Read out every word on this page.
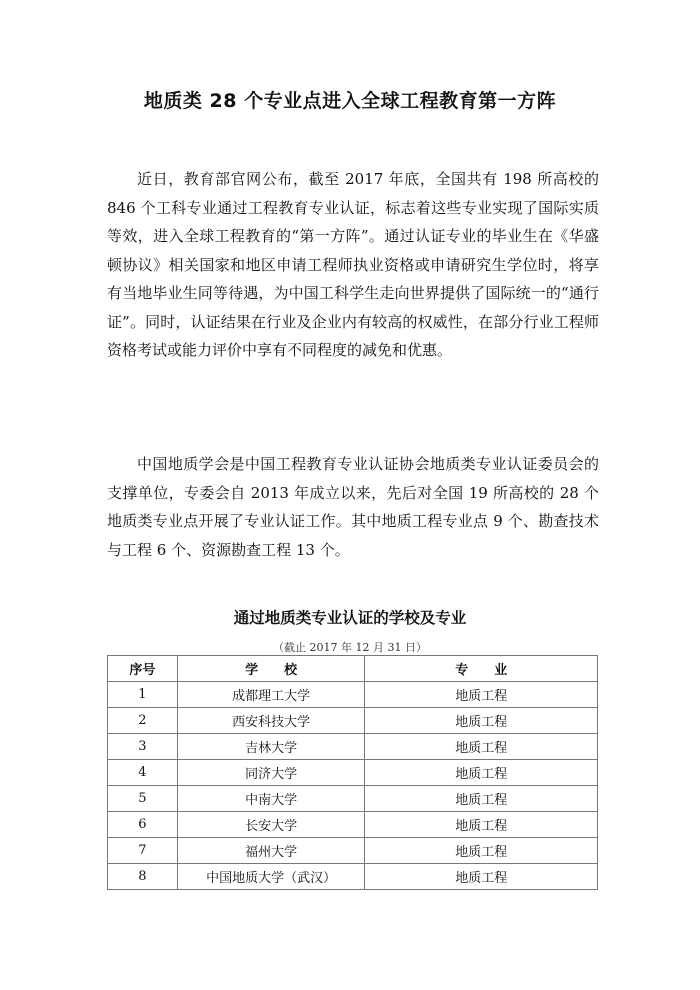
地质类 28 个专业点进入全球工程教育第一方阵

近日，教育部官网公布，截至 2017 年底，全国共有 198 所高校的 846 个工科专业通过工程教育专业认证，标志着这些专业实现了国际实质等效，进入全球工程教育的“第一方阵”。通过认证专业的毕业生在《华盛顿协议》相关国家和地区申请工程师执业资格或申请研究生学位时，将享有当地毕业生同等待遇，为中国工科学生走向世界提供了国际统一的“通行证”。同时，认证结果在行业及企业内有较高的权威性，在部分行业工程师资格考试或能力评价中享有不同程度的减免和优惠。

中国地质学会是中国工程教育专业认证协会地质类专业认证委员会的支撑单位，专委会自 2013 年成立以来，先后对全国 19 所高校的 28 个地质类专业点开展了专业认证工作。其中地质工程专业点 9 个、勘查技术与工程 6 个、资源勘查工程 13 个。

通过地质类专业认证的学校及专业
（截止 2017 年 12 月 31 日）
序号	学　　校	专　　业
1	成都理工大学	地质工程
2	西安科技大学	地质工程
3	吉林大学	地质工程
4	同济大学	地质工程
5	中南大学	地质工程
6	长安大学	地质工程
7	福州大学	地质工程
8	中国地质大学（武汉）	地质工程
